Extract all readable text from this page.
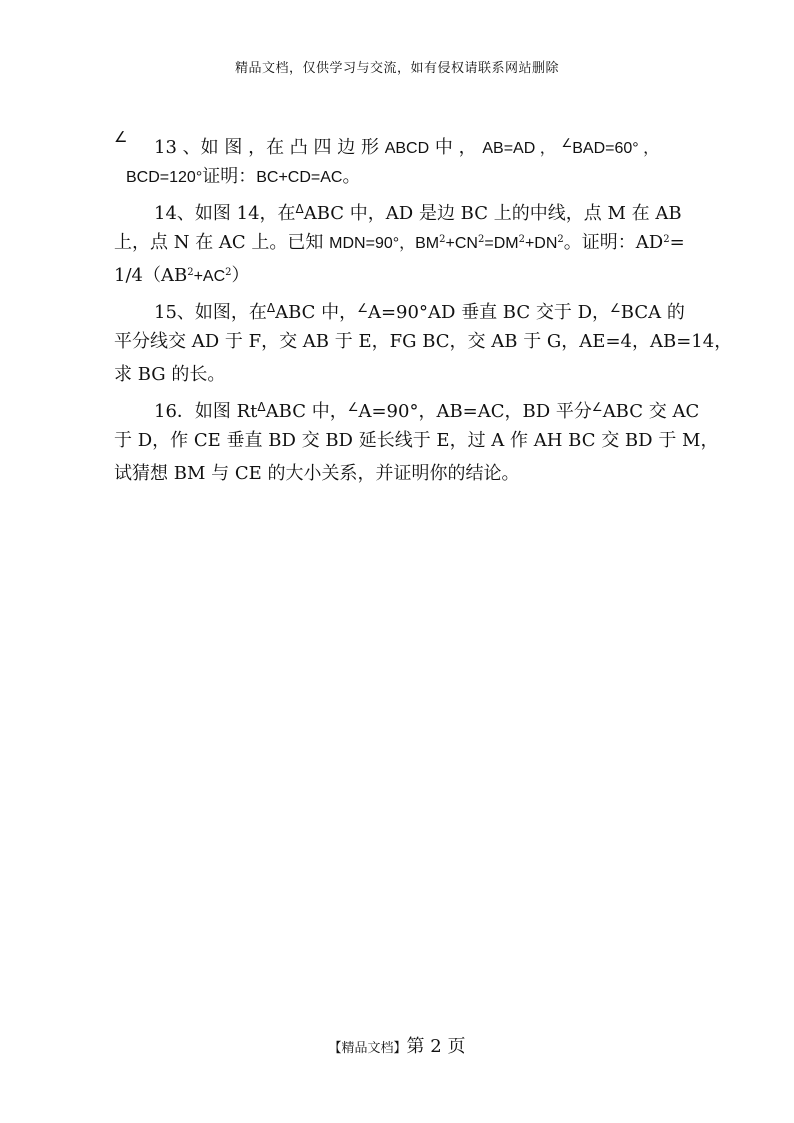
精品文档，仅供学习与交流，如有侵权请联系网站删除
∠ 13 、如 图 ，在 凸 四 边 形 ABCD 中 ， AB=AD ， ∠BAD=60° ，
BCD=120°证明：BC+CD=AC。
14、如图 14，在$^\Delta$ABC 中，AD 是边 BC 上的中线，点 M 在 AB
上，点 N 在 AC 上。已知 MDN=90°，$BM^2+CN^2=DM^2+DN^2$。证明：$AD^2=$
$1/4(AB^2+AC^2)$
15、如图，在$^\Delta$ABC 中，∠A=90°AD 垂直 BC 交于 D，∠BCA 的
平分线交 AD 于 F，交 AB 于 E，FG BC，交 AB 于 G，AE=4，AB=14，
求 BG 的长。
16．如图 $Rt^\Delta ABC$ 中，∠A=90°，AB=AC，BD 平分∠ABC 交 AC
于 D，作 CE 垂直 BD 交 BD 延长线于 E，过 A 作 AH BC 交 BD 于 M，
试猜想 BM 与 CE 的大小关系，并证明你的结论。
【精品文档】第 2 页
